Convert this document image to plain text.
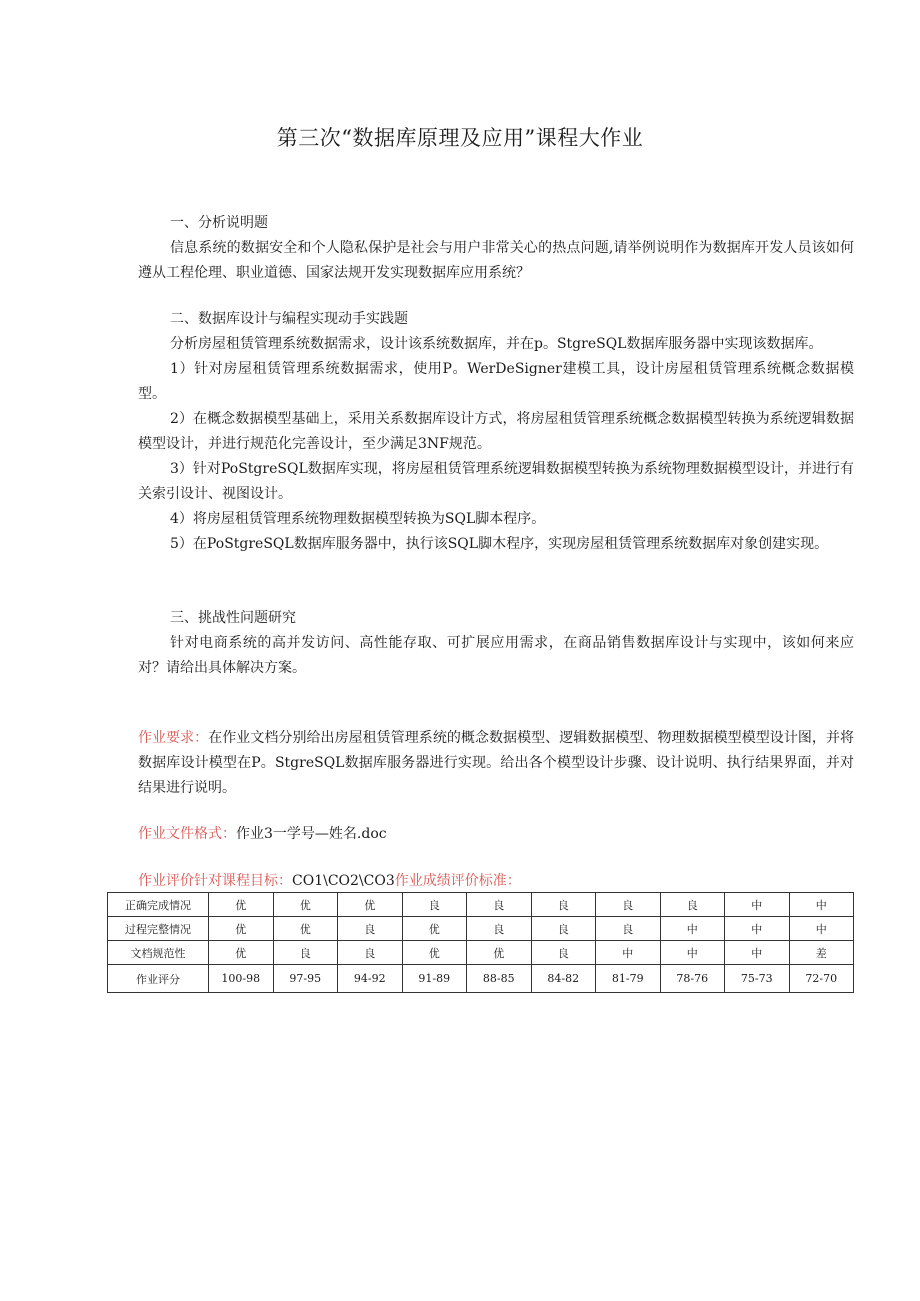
第三次“数据库原理及应用”课程大作业

一、分析说明题

信息系统的数据安全和个人隐私保护是社会与用户非常关心的热点问题,请举例说明作为数据库开发人员该如何遵从工程伦理、职业道德、国家法规开发实现数据库应用系统？

二、数据库设计与编程实现动手实践题

分析房屋租赁管理系统数据需求，设计该系统数据库，并在p。StgreSQL数据库服务器中实现该数据库。

1）针对房屋租赁管理系统数据需求，使用P。WerDeSigner建模工具，设计房屋租赁管理系统概念数据模型。

2）在概念数据模型基础上，采用关系数据库设计方式，将房屋租赁管理系统概念数据模型转换为系统逻辑数据模型设计，并进行规范化完善设计，至少满足3NF规范。

3）针对PoStgreSQL数据库实现，将房屋租赁管理系统逻辑数据模型转换为系统物理数据模型设计，并进行有关索引设计、视图设计。

4）将房屋租赁管理系统物理数据模型转换为SQL脚本程序。

5）在PoStgreSQL数据库服务器中，执行该SQL脚木程序，实现房屋租赁管理系统数据库对象创建实现。

三、挑战性问题研究

针对电商系统的高并发访问、高性能存取、可扩展应用需求，在商品销售数据库设计与实现中，该如何来应对？请给出具体解决方案。

作业要求：在作业文档分别给出房屋租赁管理系统的概念数据模型、逻辑数据模型、物理数据模型模型设计图，并将数据库设计模型在P。StgreSQL数据库服务器进行实现。给出各个模型设计步骤、设计说明、执行结果界面，并对结果进行说明。
作业文件格式：作业3一学号—姓名.doc
作业评价针对课程目标：CO1\CO2\CO3作业成绩评价标准：
正确完成情况	优	优	优	良	良	良	良	良	中	中
过程完整情况	优	优	良	优	良	良	良	中	中	中
文档规范性	优	良	良	优	优	良	中	中	中	差
作业评分	100-98	97-95	94-92	91-89	88-85	84-82	81-79	78-76	75-73	72-70
